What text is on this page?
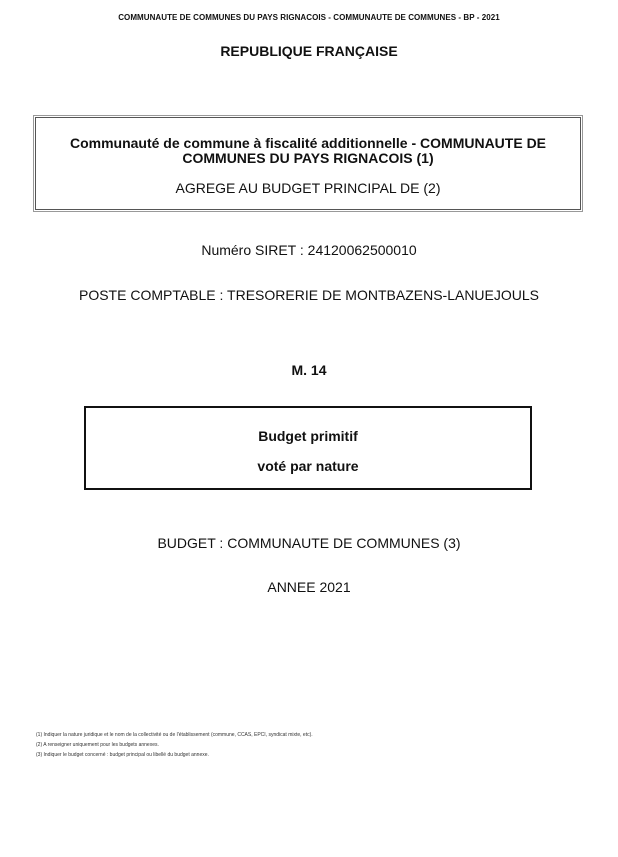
COMMUNAUTE DE COMMUNES DU PAYS RIGNACOIS - COMMUNAUTE DE COMMUNES - BP - 2021
REPUBLIQUE FRANÇAISE
Communauté de commune à fiscalité additionnelle - COMMUNAUTE DE COMMUNES DU PAYS RIGNACOIS (1)
AGREGE AU BUDGET PRINCIPAL DE (2)
Numéro SIRET : 24120062500010
POSTE COMPTABLE : TRESORERIE DE MONTBAZENS-LANUEJOULS
M. 14
Budget primitif
voté par nature
BUDGET : COMMUNAUTE DE COMMUNES (3)
ANNEE 2021
(1) Indiquer la nature juridique et le nom de la collectivité ou de l'établissement (commune, CCAS, EPCI, syndicat mixte, etc).
(2) A renseigner uniquement pour les budgets annexes.
(3) Indiquer le budget concerné : budget principal ou libellé du budget annexe.
